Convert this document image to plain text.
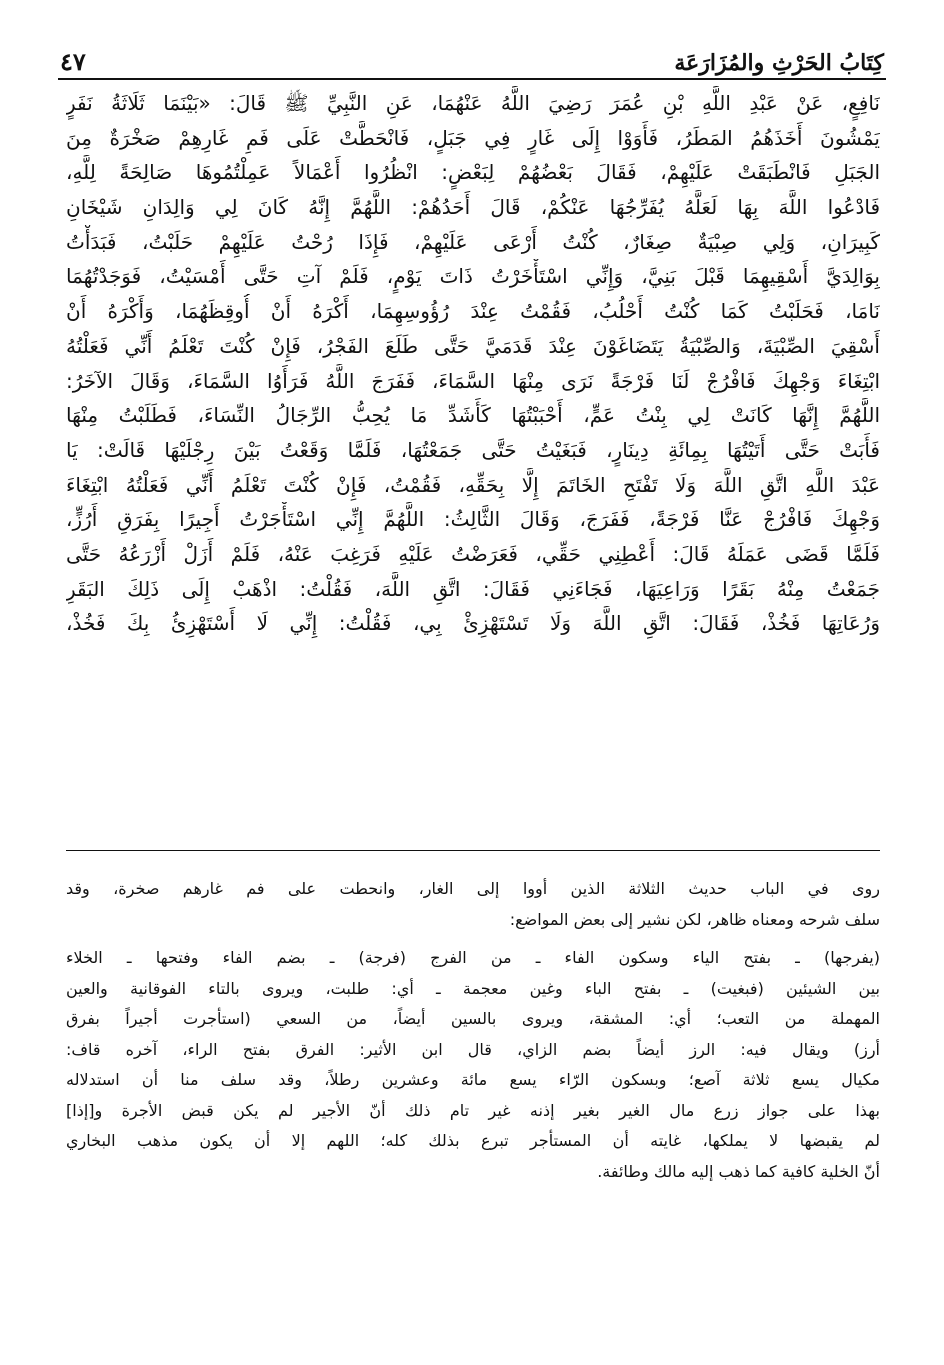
كِتَابُ الحَرْثِ والمُزَارَعَة
٤٧
نَافِعٍ، عَنْ عَبْدِ اللَّهِ بْنِ عُمَرَ رَضِيَ اللَّهُ عَنْهُمَا، عَنِ النَّبِيِّ ﷺ قَالَ: «بَيْنَمَا ثَلَاثَةُ نَفَرٍ
يَمْشُونَ أَخَذَهُمُ المَطَرُ، فَأَوَوْا إِلَى غَارٍ فِي جَبَلٍ، فَانْحَطَّتْ عَلَى فَمِ غَارِهِمْ صَخْرَةٌ مِنَ
الجَبَلِ فَانْطَبَقَتْ عَلَيْهِمْ، فَقَالَ بَعْضُهُمْ لِبَعْضٍ: انْظُرُوا أَعْمَالاً عَمِلْتُمُوهَا صَالِحَةً لِلَّهِ،
فَادْعُوا اللَّهَ بِهَا لَعَلَّهُ يُفَرِّجُهَا عَنْكُمْ، قَالَ أَحَدُهُمْ: اللَّهُمَّ إِنَّهُ كَانَ لِي وَالِدَانِ شَيْخَانِ
كَبِيرَانِ، وَلِي صِبْيَةٌ صِغَارٌ، كُنْتُ أَرْعَى عَلَيْهِمْ، فَإِذَا رُحْتُ عَلَيْهِمْ حَلَبْتُ، فَبَدَأْتُ
بِوَالِدَيَّ أَسْقِيهِمَا قَبْلَ بَنِيَّ، وَإِنِّي اسْتَأْخَرْتُ ذَاتَ يَوْمٍ، فَلَمْ آتِ حَتَّى أَمْسَيْتُ، فَوَجَدْتُهُمَا
نَامَا، فَحَلَبْتُ كَمَا كُنْتُ أَحْلُبُ، فَقُمْتُ عِنْدَ رُؤُوسِهِمَا، أَكْرَهُ أَنْ أُوقِظَهُمَا، وَأَكْرَهُ أَنْ
أَسْقِيَ الصِّبْيَةَ، وَالصِّبْيَةُ يَتَضَاغَوْنَ عِنْدَ قَدَمَيَّ حَتَّى طَلَعَ الفَجْرُ، فَإِنْ كُنْتَ تَعْلَمُ أَنِّي فَعَلْتُهُ
ابْتِغَاءَ وَجْهِكَ فَافْرُجْ لَنَا فَرْجَةً نَرَى مِنْهَا السَّمَاءَ، فَفَرَجَ اللَّهُ فَرَأَوُا السَّمَاءَ، وَقَالَ الآخَرُ:
اللَّهُمَّ إِنَّهَا كَانَتْ لِي بِنْتُ عَمٍّ، أَحْبَبْتُهَا كَأَشَدِّ مَا يُحِبُّ الرِّجَالُ النِّسَاءَ، فَطَلَبْتُ مِنْهَا
فَأَبَتْ حَتَّى أَتَيْتُهَا بِمِائَةِ دِينَارٍ، فَبَغَيْتُ حَتَّى جَمَعْتُهَا، فَلَمَّا وَقَعْتُ بَيْنَ رِجْلَيْهَا قَالَتْ: يَا
عَبْدَ اللَّهِ اتَّقِ اللَّهَ وَلَا تَفْتَحِ الخَاتَمَ إِلَّا بِحَقِّهِ، فَقُمْتُ، فَإِنْ كُنْتَ تَعْلَمُ أَنِّي فَعَلْتُهُ ابْتِغَاءَ
وَجْهِكَ فَافْرُجْ عَنَّا فَرْجَةً، فَفَرَجَ، وَقَالَ الثَّالِثُ: اللَّهُمَّ إِنِّي اسْتَأْجَرْتُ أَجِيرًا بِفَرَقِ أَرُزٍّ،
فَلَمَّا قَضَى عَمَلَهُ قَالَ: أَعْطِنِي حَقِّي، فَعَرَضْتُ عَلَيْهِ فَرَغِبَ عَنْهُ، فَلَمْ أَزَلْ أَزْرَعُهُ حَتَّى
جَمَعْتُ مِنْهُ بَقَرًا وَرَاعِيَهَا، فَجَاءَنِي فَقَالَ: اتَّقِ اللَّهَ، فَقُلْتُ: اذْهَبْ إِلَى ذَلِكَ البَقَرِ
وَرُعَاتِهَا فَخُذْ، فَقَالَ: اتَّقِ اللَّهَ وَلَا تَسْتَهْزِئْ بِي، فَقُلْتُ: إِنِّي لَا أَسْتَهْزِئُ بِكَ فَخُذْ،
روى في الباب حديث الثلاثة الذين أووا إلى الغار، وانحطت على فم غارهم صخرة، وقد
سلف شرحه ومعناه ظاهر، لكن نشير إلى بعض المواضع:
(يفرجها) ـ بفتح الياء وسكون الفاء ـ من الفرج (فرجة) ـ بضم الفاء وفتحها ـ الخلاء
بين الشيئين (فبغيت) ـ بفتح الباء وغين معجمة ـ أي: طلبت، ويروى بالتاء الفوقانية والعين
المهملة من التعب؛ أي: المشقة، ويروى بالسين أيضاً، من السعي (استأجرت أجيراً بفرق
أرز) ويقال فيه: الرز أيضاً بضم الزاي، قال ابن الأثير: الفرق بفتح الراء، آخره قاف:
مكيال يسع ثلاثة آصع؛ وبسكون الرّاء يسع مائة وعشرين رطلاً، وقد سلف منا أن استدلاله
بهذا على جواز زرع مال الغير بغير إذنه غير تام ذلك أنّ الأجير لم يكن قبض الأجرة و[إذا]
لم يقبضها لا يملكها، غايته أن المستأجر تبرع بذلك كله؛ اللهم إلا أن يكون مذهب البخاري
أنّ الخلية كافية كما ذهب إليه مالك وطائفة.
